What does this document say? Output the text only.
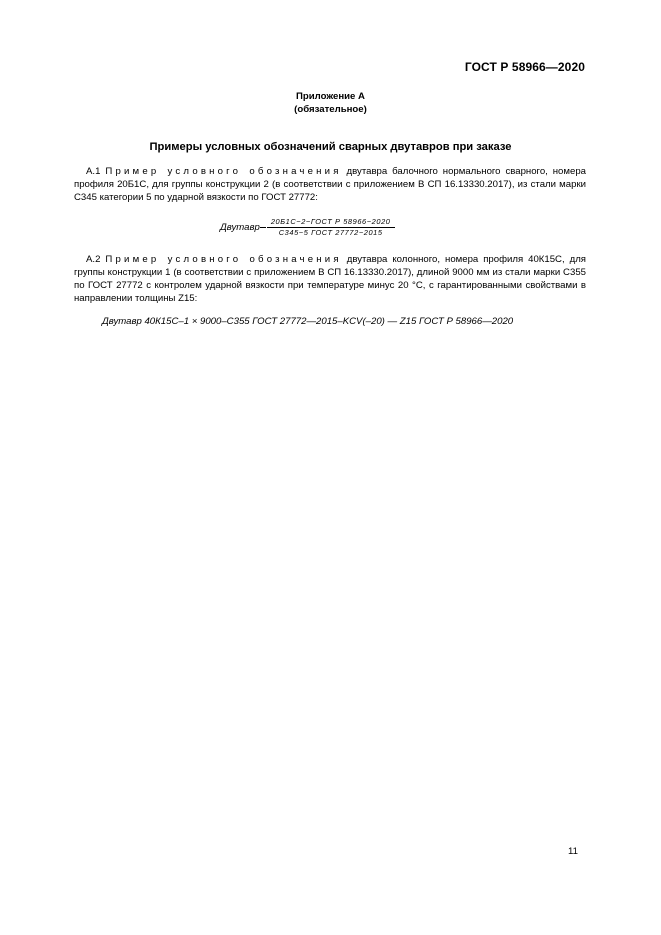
ГОСТ Р 58966—2020
Приложение А
(обязательное)
Примеры условных обозначений сварных двутавров при заказе
А.1 Пример условного обозначения двутавра балочного нормального сварного, номера профиля 20Б1С, для группы конструкции 2 (в соответствии с приложением В СП 16.13330.2017), из стали марки С345 категории 5 по ударной вязкости по ГОСТ 27772:
Двутавр $\frac{\text{20Б1С−2−ГОСТ Р 58966−2020}}{\text{С345−5 ГОСТ 27772−2015}}$
А.2 Пример условного обозначения двутавра колонного, номера профиля 40К15С, для группы конструкции 1 (в соответствии с приложением В СП 16.13330.2017), длиной 9000 мм из стали марки С355 по ГОСТ 27772 с контролем ударной вязкости при температуре минус 20 °С, с гарантированными свойствами в направлении толщины Z15:
Двутавр 40К15С–1 × 9000–С355 ГОСТ 27772—2015–KCV(–20) — Z15 ГОСТ Р 58966—2020
11
